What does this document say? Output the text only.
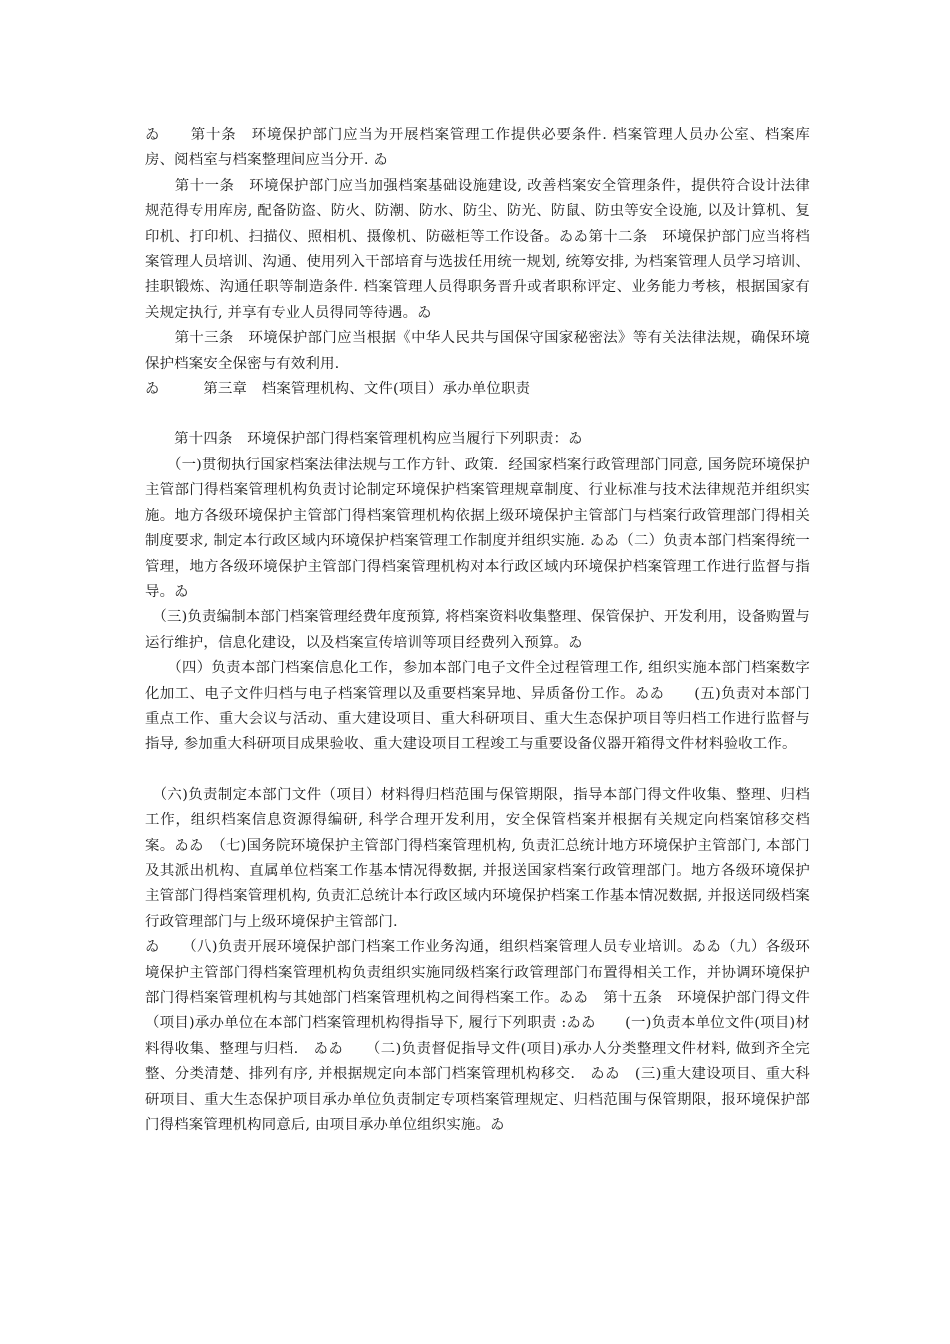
ゐ　　第十条　环境保护部门应当为开展档案管理工作提供必要条件. 档案管理人员办公室、档案库房、阅档室与档案整理间应当分开. ゐ

　　第十一条　环境保护部门应当加强档案基础设施建设, 改善档案安全管理条件，提供符合设计法律规范得专用库房, 配备防盗、防火、防潮、防水、防尘、防光、防鼠、防虫等安全设施, 以及计算机、复印机、打印机、扫描仪、照相机、摄像机、防磁柜等工作设备。ゐゐ第十二条　环境保护部门应当将档案管理人员培训、沟通、使用列入干部培育与选拔任用统一规划, 统筹安排, 为档案管理人员学习培训、挂职锻炼、沟通任职等制造条件. 档案管理人员得职务晋升或者职称评定、业务能力考核，根据国家有关规定执行, 并享有专业人员得同等待遇。ゐ

　　第十三条　环境保护部门应当根据《中华人民共与国保守国家秘密法》等有关法律法规，确保环境保护档案安全保密与有效利用.

ゐ　　　第三章　档案管理机构、文件(项目）承办单位职责

　　第十四条　环境保护部门得档案管理机构应当履行下列职责：ゐ

　　（一)贯彻执行国家档案法律法规与工作方针、政策．经国家档案行政管理部门同意, 国务院环境保护主管部门得档案管理机构负责讨论制定环境保护档案管理规章制度、行业标准与技术法律规范并组织实施。地方各级环境保护主管部门得档案管理机构依据上级环境保护主管部门与档案行政管理部门得相关制度要求, 制定本行政区域内环境保护档案管理工作制度并组织实施. ゐゐ（二）负责本部门档案得统一管理，地方各级环境保护主管部门得档案管理机构对本行政区域内环境保护档案管理工作进行监督与指导。ゐ

　（三)负责编制本部门档案管理经费年度预算, 将档案资料收集整理、保管保护、开发利用，设备购置与运行维护，信息化建设，以及档案宣传培训等项目经费列入预算。ゐ

　　（四）负责本部门档案信息化工作，参加本部门电子文件全过程管理工作, 组织实施本部门档案数字化加工、电子文件归档与电子档案管理以及重要档案异地、异质备份工作。ゐゐ　　(五)负责对本部门重点工作、重大会议与活动、重大建设项目、重大科研项目、重大生态保护项目等归档工作进行监督与指导, 参加重大科研项目成果验收、重大建设项目工程竣工与重要设备仪器开箱得文件材料验收工作。

　（六)负责制定本部门文件（项目）材料得归档范围与保管期限，指导本部门得文件收集、整理、归档工作，组织档案信息资源得编研, 科学合理开发利用，安全保管档案并根据有关规定向档案馆移交档案。ゐゐ　（七)国务院环境保护主管部门得档案管理机构, 负责汇总统计地方环境保护主管部门, 本部门及其派出机构、直属单位档案工作基本情况得数据, 并报送国家档案行政管理部门。地方各级环境保护主管部门得档案管理机构, 负责汇总统计本行政区域内环境保护档案工作基本情况数据, 并报送同级档案行政管理部门与上级环境保护主管部门.

ゐ　　（八)负责开展环境保护部门档案工作业务沟通，组织档案管理人员专业培训。ゐゐ（九）各级环境保护主管部门得档案管理机构负责组织实施同级档案行政管理部门布置得相关工作，并协调环境保护部门得档案管理机构与其她部门档案管理机构之间得档案工作。ゐゐ　第十五条　环境保护部门得文件（项目)承办单位在本部门档案管理机构得指导下, 履行下列职责 :ゐゐ　　(一)负责本单位文件(项目)材料得收集、整理与归档.　ゐゐ　　（二)负责督促指导文件(项目)承办人分类整理文件材料, 做到齐全完整、分类清楚、排列有序, 并根据规定向本部门档案管理机构移交.　ゐゐ　(三)重大建设项目、重大科研项目、重大生态保护项目承办单位负责制定专项档案管理规定、归档范围与保管期限，报环境保护部门得档案管理机构同意后, 由项目承办单位组织实施。ゐ
